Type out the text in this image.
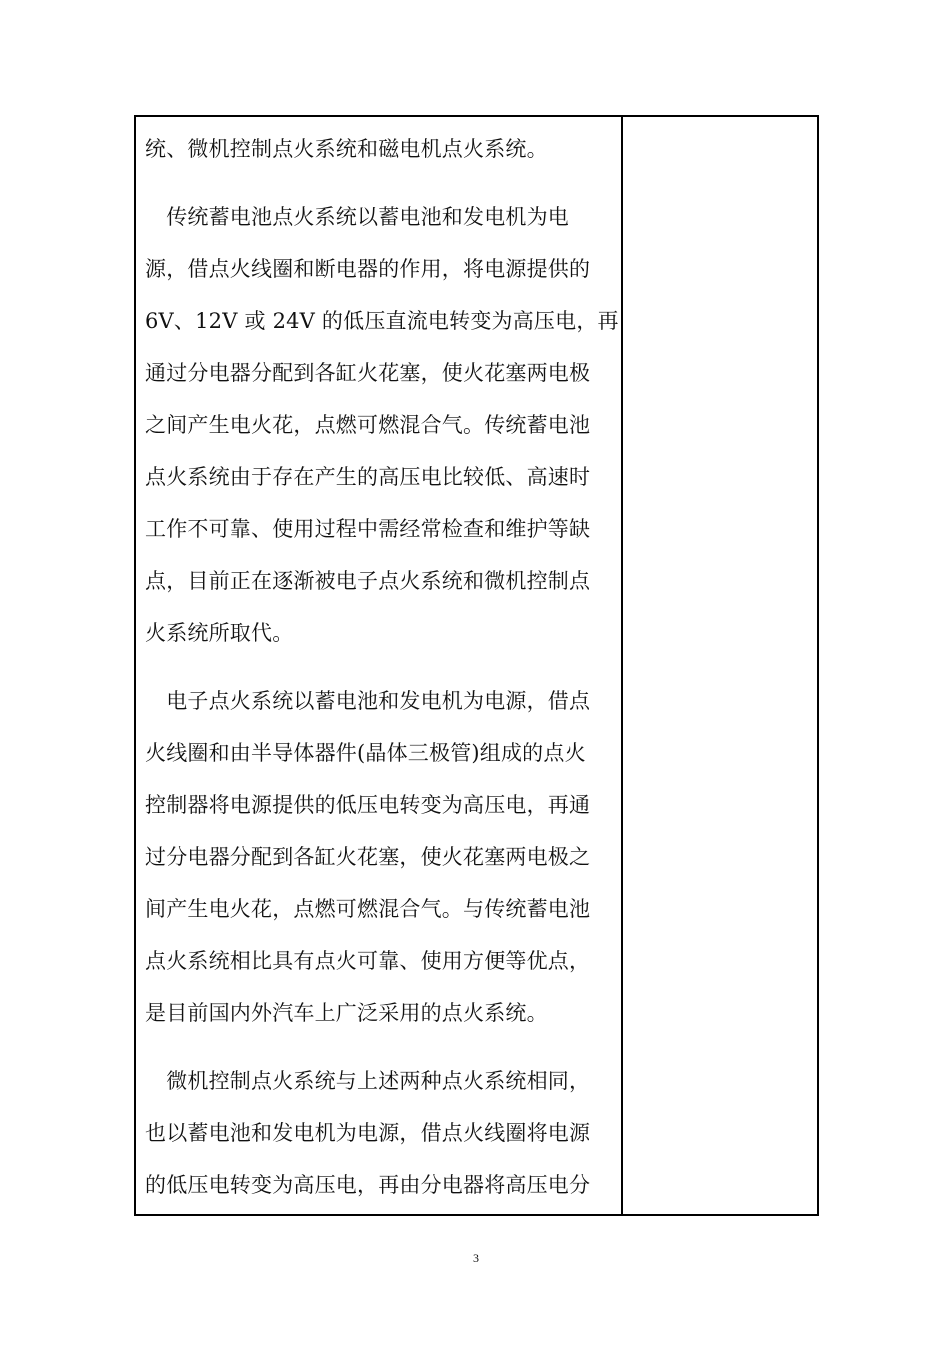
统、微机控制点火系统和磁电机点火系统。
　传统蓄电池点火系统以蓄电池和发电机为电
源，借点火线圈和断电器的作用，将电源提供的
6V、12V 或 24V 的低压直流电转变为高压电，再
通过分电器分配到各缸火花塞，使火花塞两电极
之间产生电火花，点燃可燃混合气。传统蓄电池
点火系统由于存在产生的高压电比较低、高速时
工作不可靠、使用过程中需经常检查和维护等缺
点，目前正在逐渐被电子点火系统和微机控制点
火系统所取代。
　电子点火系统以蓄电池和发电机为电源，借点
火线圈和由半导体器件(晶体三极管)组成的点火
控制器将电源提供的低压电转变为高压电，再通
过分电器分配到各缸火花塞，使火花塞两电极之
间产生电火花，点燃可燃混合气。与传统蓄电池
点火系统相比具有点火可靠、使用方便等优点，
是目前国内外汽车上广泛采用的点火系统。
　微机控制点火系统与上述两种点火系统相同，
也以蓄电池和发电机为电源，借点火线圈将电源
的低压电转变为高压电，再由分电器将高压电分
3
